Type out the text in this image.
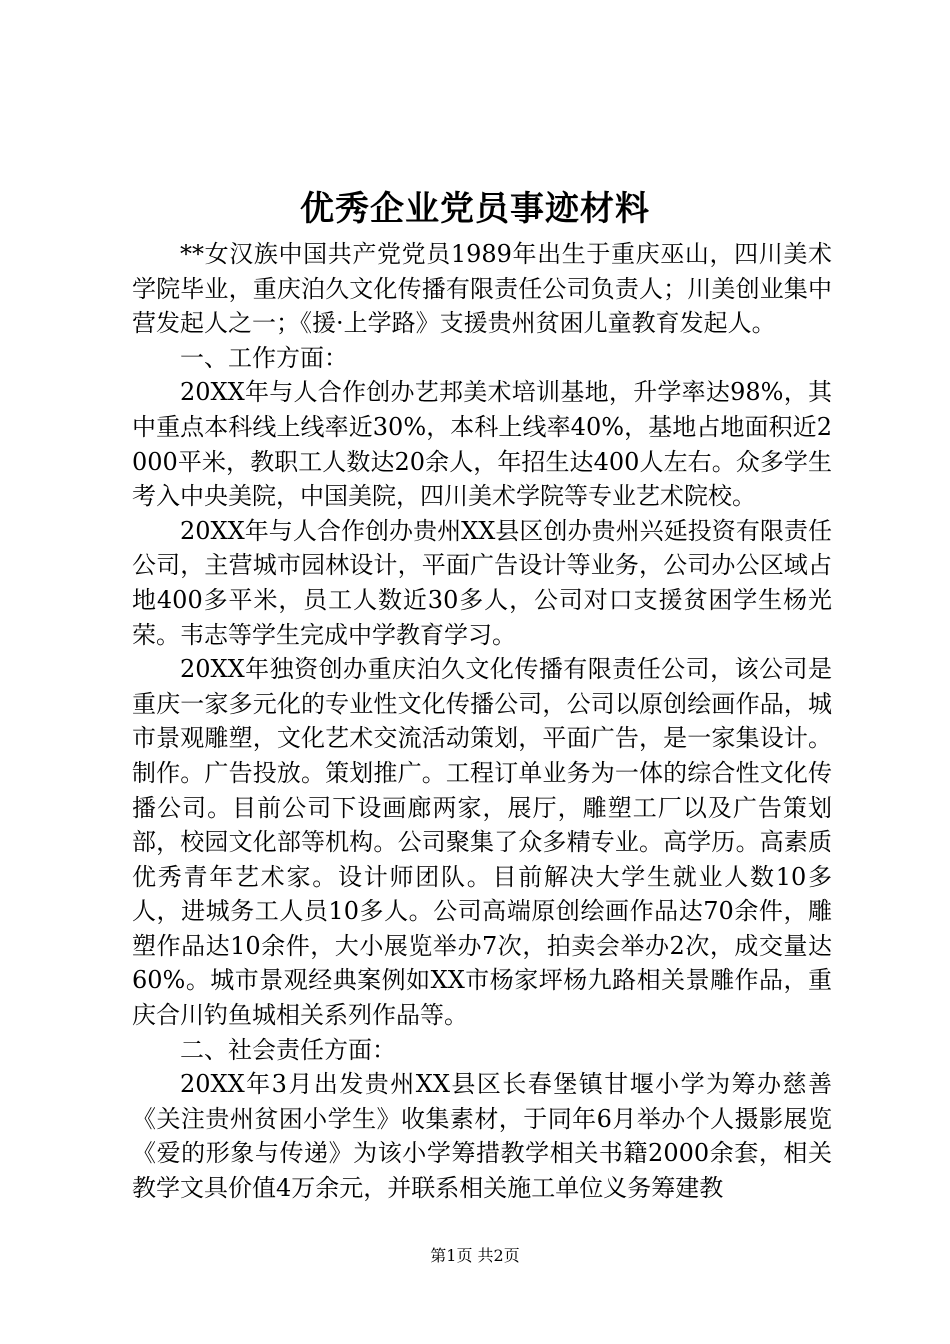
优秀企业党员事迹材料

**女汉族中国共产党党员1989年出生于重庆巫山，四川美术学院毕业，重庆泊久文化传播有限责任公司负责人；川美创业集中营发起人之一；《援·上学路》支援贵州贫困儿童教育发起人。

一、工作方面：

20XX年与人合作创办艺邦美术培训基地，升学率达98%，其中重点本科线上线率近30%，本科上线率40%，基地占地面积近2000平米，教职工人数达20余人，年招生达400人左右。众多学生考入中央美院，中国美院，四川美术学院等专业艺术院校。

20XX年与人合作创办贵州XX县区创办贵州兴延投资有限责任公司，主营城市园林设计，平面广告设计等业务，公司办公区域占地400多平米，员工人数近30多人，公司对口支援贫困学生杨光荣。韦志等学生完成中学教育学习。

20XX年独资创办重庆泊久文化传播有限责任公司，该公司是重庆一家多元化的专业性文化传播公司，公司以原创绘画作品，城市景观雕塑，文化艺术交流活动策划，平面广告，是一家集设计。制作。广告投放。策划推广。工程订单业务为一体的综合性文化传播公司。目前公司下设画廊两家，展厅，雕塑工厂以及广告策划部，校园文化部等机构。公司聚集了众多精专业。高学历。高素质优秀青年艺术家。设计师团队。目前解决大学生就业人数10多人，进城务工人员10多人。公司高端原创绘画作品达70余件，雕塑作品达10余件，大小展览举办7次，拍卖会举办2次，成交量达60%。城市景观经典案例如XX市杨家坪杨九路相关景雕作品，重庆合川钓鱼城相关系列作品等。

二、社会责任方面：

20XX年3月出发贵州XX县区长春堡镇甘堰小学为筹办慈善《关注贵州贫困小学生》收集素材，于同年6月举办个人摄影展览《爱的形象与传递》为该小学筹措教学相关书籍2000余套，相关教学文具价值4万余元，并联系相关施工单位义务筹建教

第1页 共2页
